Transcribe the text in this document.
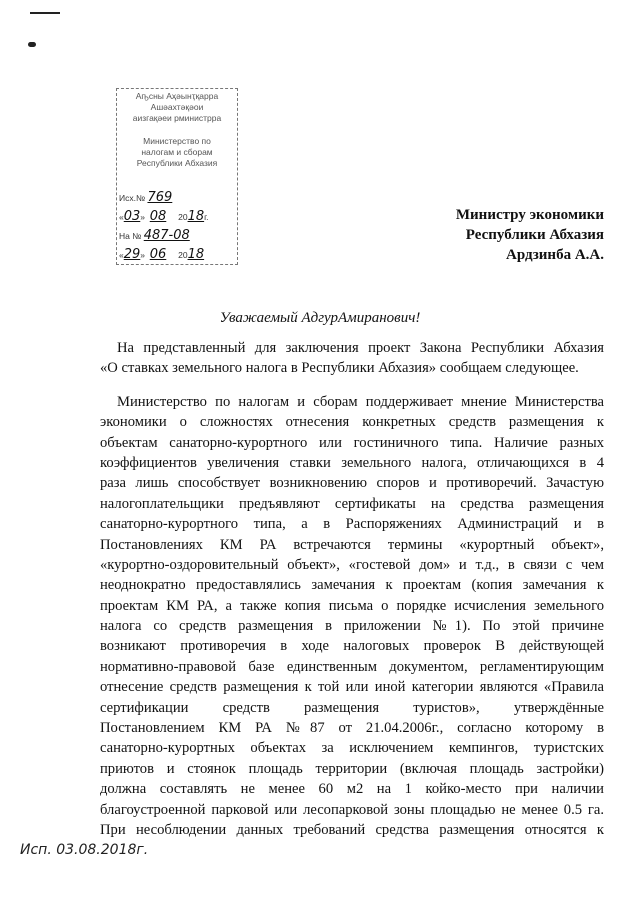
Аҧсны Аҳәынҭқарра
Ашәахтәқәои
аизгақәеи рминистрра
Министерство по
налогам и сборам
Республики Абхазия
Исх.№ 769
«03»  08 2018г.
На № 487-08
«29»  06 2018
Министру экономики
Республики Абхазия
Ардзинба А.А.
Уважаемый АдгурАмиранович!
На представленный для заключения проект Закона Республики Абхазия
«О ставках земельного налога в Республики Абхазия» сообщаем следующее.
Министерство по налогам и сборам поддерживает мнение Министерства
экономики о сложностях отнесения конкретных средств размещения к
объектам санаторно-курортного или гостиничного типа. Наличие разных
коэффициентов увеличения ставки земельного налога, отличающихся в 4
раза лишь способствует возникновению споров и противоречий. Зачастую
налогоплательщики предъявляют сертификаты на средства размещения
санаторно-курортного типа, а в Распоряжениях Администраций и в
Постановлениях КМ РА встречаются термины «курортный объект»,
«курортно-оздоровительный объект», «гостевой дом» и т.д., в связи с чем
неоднократно предоставлялись замечания к проектам (копия замечания к
проектам КМ РА, а также копия письма о порядке исчисления земельного
налога со средств размещения в приложении №1). По этой причине
возникают противоречия в ходе налоговых проверок В действующей
нормативно-правовой базе единственным документом, регламентирующим
отнесение средств размещения к той или иной категории являются «Правила
сертификации средств размещения туристов», утверждённые
Постановлением КМ РА №87 от 21.04.2006г., согласно которому в
санаторно-курортных объектах за исключением кемпингов, туристских
приютов и стоянок площадь территории (включая площадь застройки)
должна составлять не менее 60 м2 на 1 койко-место при наличии
благоустроенной парковой или лесопарковой зоны площадью не менее 0.5 га.
При несоблюдении данных требований средства размещения относятся к
Исп. 03.08.2018г.
